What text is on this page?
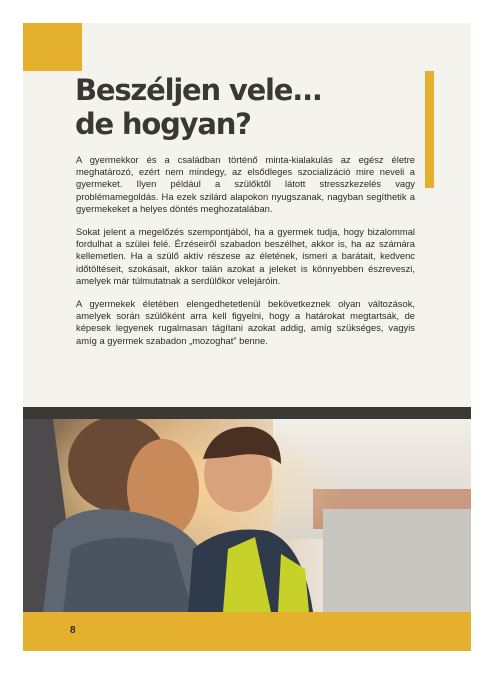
Beszéljen vele...
de hogyan?

A gyermekkor és a családban történő minta-kialakulás az egész életre meghatározó, ezért nem mindegy, az elsődleges szocializáció mire neveli a gyermeket. Ilyen például a szülőktől látott stresszkezelés vagy problémamegoldás. Ha ezek szilárd alapokon nyugszanak, nagyban segíthetik a gyermekeket a helyes döntés meghozatalában.

Sokat jelent a megelőzés szempontjából, ha a gyermek tudja, hogy bizalommal fordulhat a szülei felé. Érzéseiről szabadon beszélhet, akkor is, ha az számára kellemetlen. Ha a szülő aktív részese az életének, ismeri a barátait, kedvenc időtöltéseit, szokásait, akkor talán azokat a jeleket is könnyebben észreveszi, amelyek már túlmutatnak a serdülőkor velejáróin.

A gyermekek életében elengedhetetlenül bekövetkeznek olyan változások, amelyek során szülőként arra kell figyelni, hogy a határokat megtartsák, de képesek legyenek rugalmasan tágítani azokat addig, amíg szükséges, vagyis amíg a gyermek szabadon „mozoghat” benne.

8
